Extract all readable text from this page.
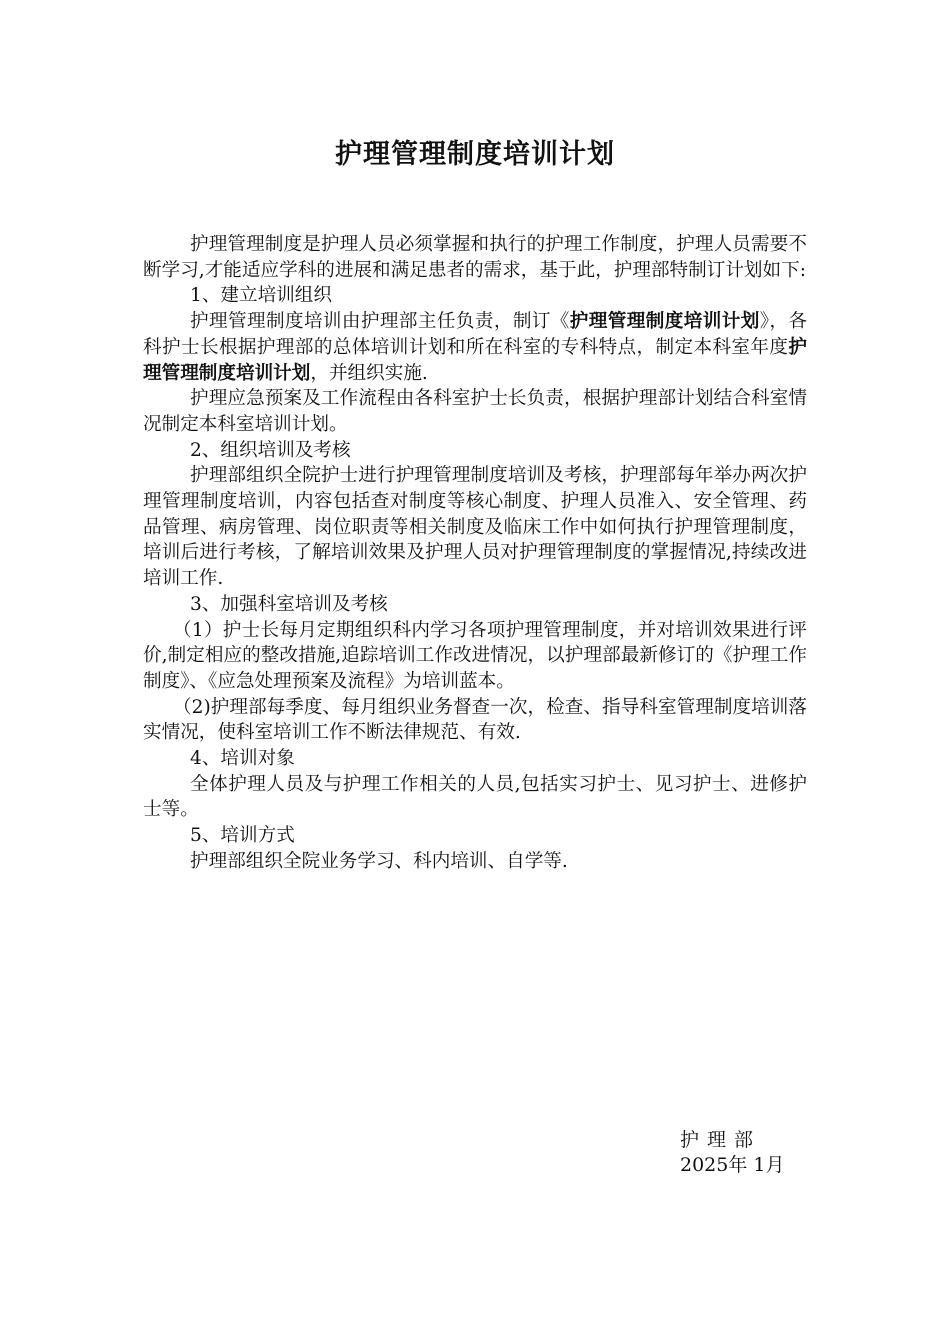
护理管理制度培训计划

护理管理制度是护理人员必须掌握和执行的护理工作制度，护理人员需要不断学习,才能适应学科的进展和满足患者的需求，基于此，护理部特制订计划如下:

1、建立培训组织

护理管理制度培训由护理部主任负责，制订《护理管理制度培训计划》，各科护士长根据护理部的总体培训计划和所在科室的专科特点，制定本科室年度护理管理制度培训计划，并组织实施.

护理应急预案及工作流程由各科室护士长负责，根据护理部计划结合科室情况制定本科室培训计划。

2、组织培训及考核

护理部组织全院护士进行护理管理制度培训及考核，护理部每年举办两次护理管理制度培训，内容包括查对制度等核心制度、护理人员准入、安全管理、药品管理、病房管理、岗位职责等相关制度及临床工作中如何执行护理管理制度，培训后进行考核，了解培训效果及护理人员对护理管理制度的掌握情况,持续改进培训工作.

3、加强科室培训及考核

（1）护士长每月定期组织科内学习各项护理管理制度，并对培训效果进行评价,制定相应的整改措施,追踪培训工作改进情况，以护理部最新修订的《护理工作制度》、《应急处理预案及流程》为培训蓝本。

（2)护理部每季度、每月组织业务督查一次，检查、指导科室管理制度培训落实情况，使科室培训工作不断法律规范、有效.

4、培训对象

全体护理人员及与护理工作相关的人员,包括实习护士、见习护士、进修护士等。

5、培训方式

护理部组织全院业务学习、科内培训、自学等.

护理部
2025年 1月
